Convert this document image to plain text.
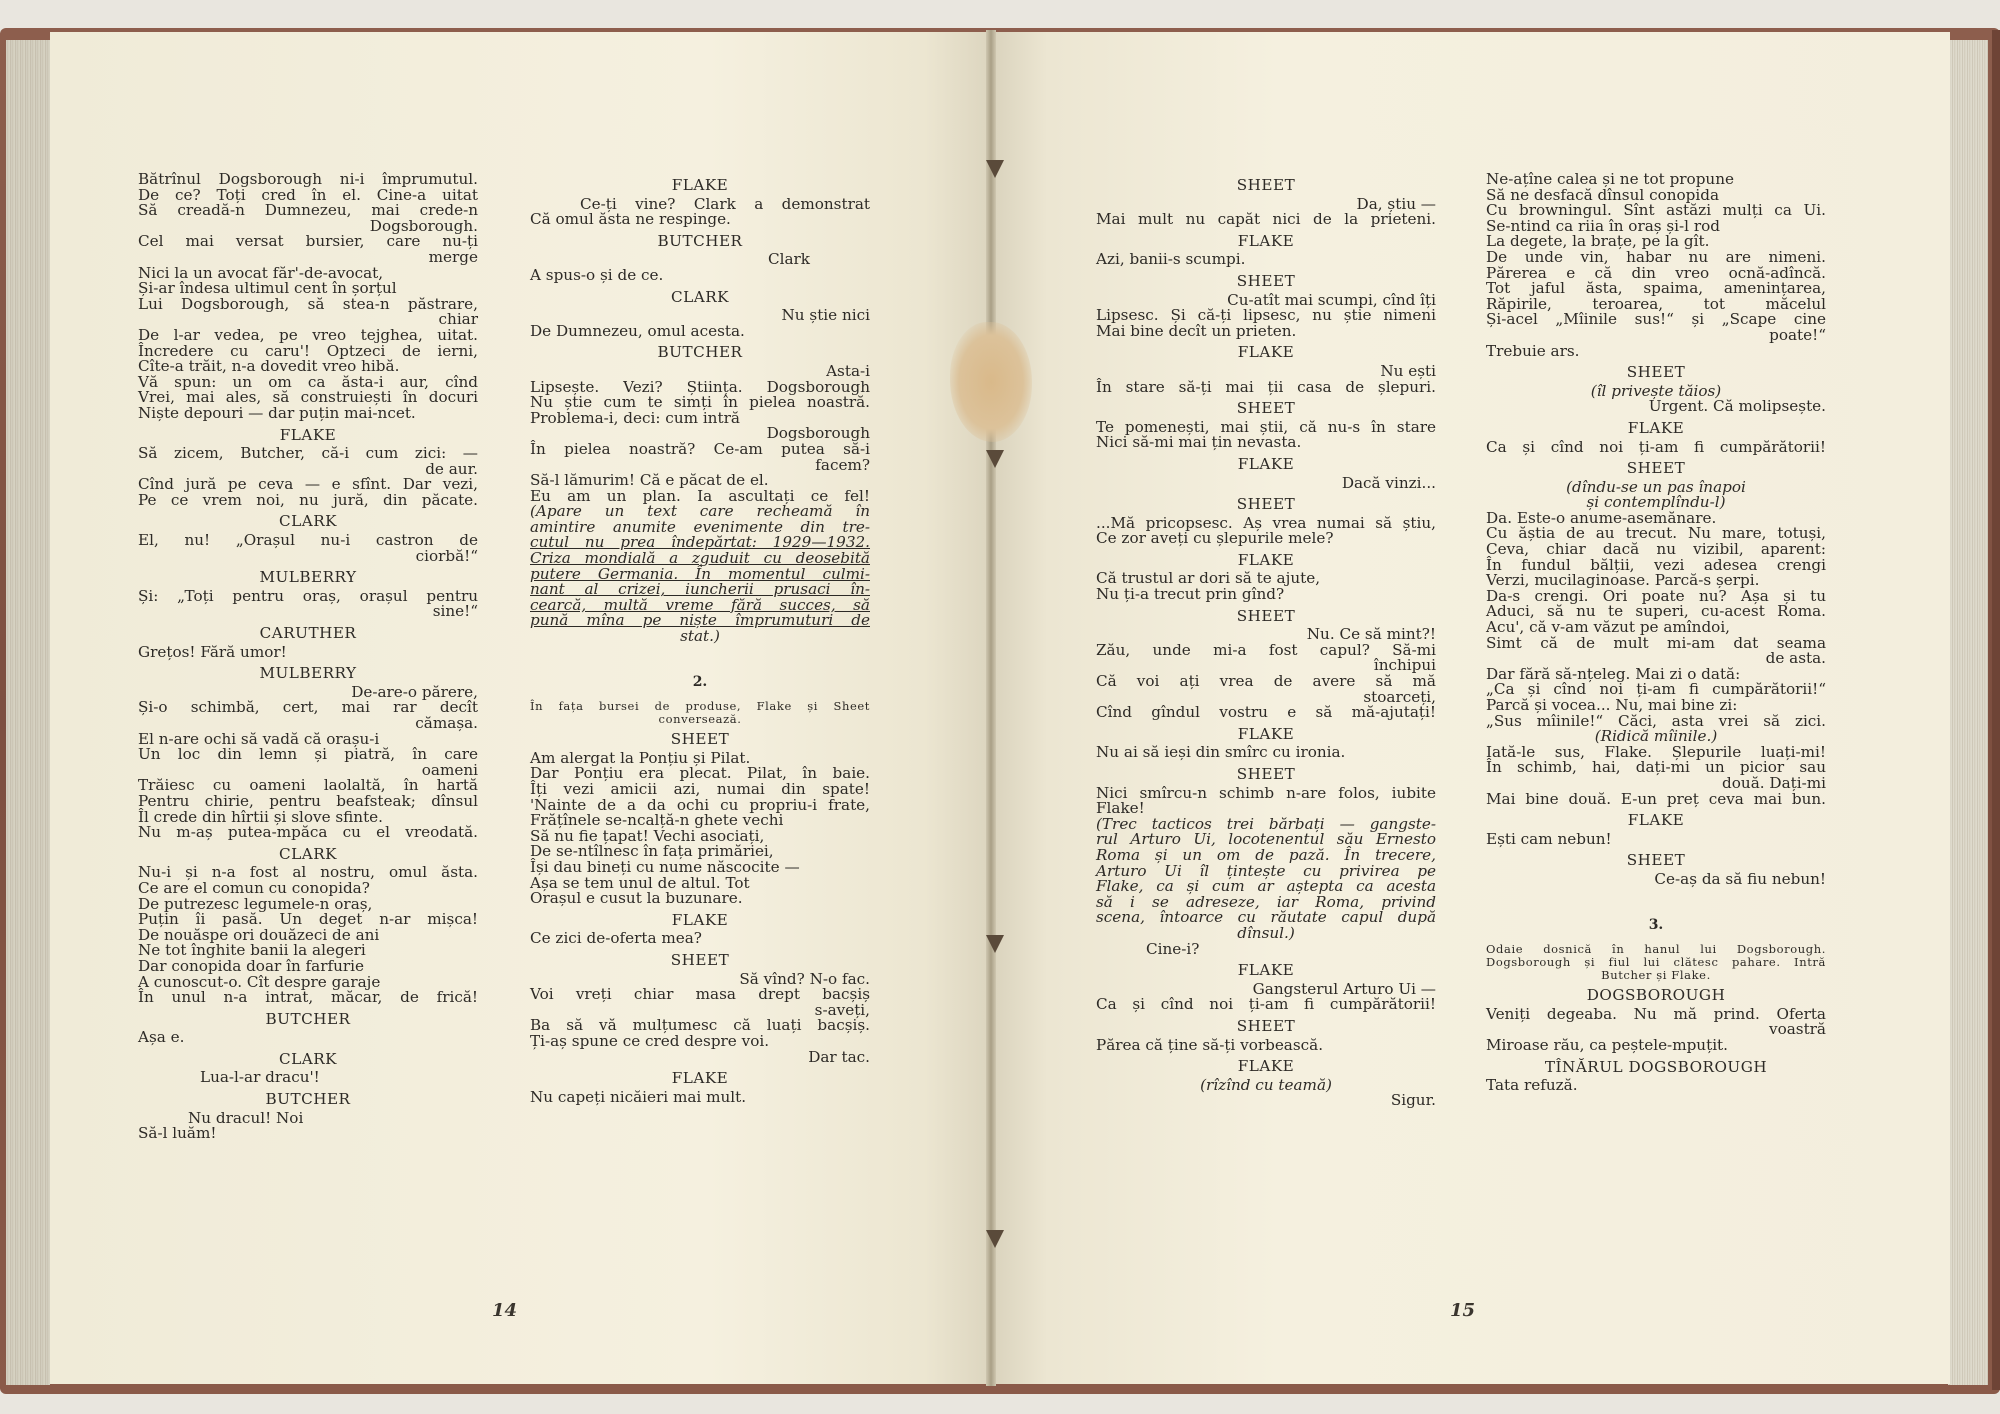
Bătrînul Dogsborough ni-i împrumutul.
De ce? Toți cred în el. Cine-a uitat
Să creadă-n Dumnezeu, mai crede-n
Dogsborough.
Cel mai versat bursier, care nu-ți
merge
Nici la un avocat făr'-de-avocat,
Și-ar îndesa ultimul cent în șorțul
Lui Dogsborough, să stea-n păstrare,
chiar
De l-ar vedea, pe vreo tejghea, uitat.
Încredere cu caru'! Optzeci de ierni,
Cîte-a trăit, n-a dovedit vreo hibă.
Vă spun: un om ca ăsta-i aur, cînd
Vrei, mai ales, să construiești în docuri
Niște depouri — dar puțin mai-ncet.
FLAKE
Să zicem, Butcher, că-i cum zici: —
de aur.
Cînd jură pe ceva — e sfînt. Dar vezi,
Pe ce vrem noi, nu jură, din păcate.
CLARK
El, nu! „Orașul nu-i castron de
ciorbă!“
MULBERRY
Și: „Toți pentru oraș, orașul pentru
sine!“
CARUTHER
Grețos! Fără umor!
MULBERRY
De-are-o părere,
Și-o schimbă, cert, mai rar decît
cămașa.
El n-are ochi să vadă că orașu-i
Un loc din lemn și piatră, în care
oameni
Trăiesc cu oameni laolaltă, în hartă
Pentru chirie, pentru beafsteak; dînsul
Îl crede din hîrtii și slove sfinte.
Nu m-aș putea-mpăca cu el vreodată.
CLARK
Nu-i și n-a fost al nostru, omul ăsta.
Ce are el comun cu conopida?
De putrezesc legumele-n oraș,
Puțin îi pasă. Un deget n-ar mișca!
De nouăspe ori douăzeci de ani
Ne tot înghite banii la alegeri
Dar conopida doar în farfurie
A cunoscut-o. Cît despre garaje
În unul n-a intrat, măcar, de frică!
BUTCHER
Așa e.
CLARK
Lua-l-ar dracu'!
BUTCHER
Nu dracul! Noi
Să-l luăm!
FLAKE
Ce-ți vine? Clark a demonstrat
Că omul ăsta ne respinge.
BUTCHER
Clark
A spus-o și de ce.
CLARK
Nu știe nici
De Dumnezeu, omul acesta.
BUTCHER
Asta-i
Lipsește. Vezi? Știința. Dogsborough
Nu știe cum te simți în pielea noastră.
Problema-i, deci: cum intră
Dogsborough
În pielea noastră? Ce-am putea să-i
facem?
Să-l lămurim! Că e păcat de el.
Eu am un plan. Ia ascultați ce fel!
(Apare un text care recheamă în
amintire anumite evenimente din tre-
cutul nu prea îndepărtat: 1929—1932.
Criza mondială a zguduit cu deosebită
putere Germania. În momentul culmi-
nant al crizei, iuncherii prusaci în-
cearcă, multă vreme fără succes, să
pună mîna pe niște împrumuturi de
stat.)
2.
În fața bursei de produse, Flake și Sheet
conversează.
SHEET
Am alergat la Ponțiu și Pilat.
Dar Ponțiu era plecat. Pilat, în baie.
Îți vezi amicii azi, numai din spate!
'Nainte de a da ochi cu propriu-i frate,
Frățînele se-ncalță-n ghete vechi
Să nu fie țapat! Vechi asociați,
De se-ntîlnesc în fața primăriei,
Își dau bineți cu nume născocite —
Așa se tem unul de altul. Tot
Orașul e cusut la buzunare.
FLAKE
Ce zici de-oferta mea?
SHEET
Să vînd? N-o fac.
Voi vreți chiar masa drept bacșiș
s-aveți,
Ba să vă mulțumesc că luați bacșiș.
Ți-aș spune ce cred despre voi.
Dar tac.
FLAKE
Nu capeți nicăieri mai mult.
14
SHEET
Da, știu —
Mai mult nu capăt nici de la prieteni.
FLAKE
Azi, banii-s scumpi.
SHEET
Cu-atît mai scumpi, cînd îți
Lipsesc. Și că-ți lipsesc, nu știe nimeni
Mai bine decît un prieten.
FLAKE
Nu ești
În stare să-ți mai ții casa de șlepuri.
SHEET
Te pomenești, mai știi, că nu-s în stare
Nici să-mi mai țin nevasta.
FLAKE
Dacă vinzi...
SHEET
...Mă pricopsesc. Aș vrea numai să știu,
Ce zor aveți cu șlepurile mele?
FLAKE
Că trustul ar dori să te ajute,
Nu ți-a trecut prin gînd?
SHEET
Nu. Ce să mint?!
Zău, unde mi-a fost capul? Să-mi
închipui
Că voi ați vrea de avere să mă
stoarceți,
Cînd gîndul vostru e să mă-ajutați!
FLAKE
Nu ai să ieși din smîrc cu ironia.
SHEET
Nici smîrcu-n schimb n-are folos, iubite
Flake!
(Trec tacticos trei bărbați — gangste-
rul Arturo Ui, locotenentul său Ernesto
Roma și un om de pază. În trecere,
Arturo Ui îl țintește cu privirea pe
Flake, ca și cum ar aștepta ca acesta
să i se adreseze, iar Roma, privind
scena, întoarce cu răutate capul după
dînsul.)
Cine-i?
FLAKE
Gangsterul Arturo Ui —
Ca și cînd noi ți-am fi cumpărătorii!
SHEET
Părea că ține să-ți vorbească.
FLAKE
(rîzînd cu teamă)
Sigur.
Ne-ațîne calea și ne tot propune
Să ne desfacă dînsul conopida
Cu browningul. Sînt astăzi mulți ca Ui.
Se-ntind ca riia în oraș și-l rod
La degete, la brațe, pe la gît.
De unde vin, habar nu are nimeni.
Părerea e că din vreo ocnă-adîncă.
Tot jaful ăsta, spaima, amenințarea,
Răpirile, teroarea, tot măcelul
Și-acel „Mîinile sus!“ și „Scape cine
poate!“
Trebuie ars.
SHEET
(îl privește tăios)
Urgent. Că molipsește.
FLAKE
Ca și cînd noi ți-am fi cumpărătorii!
SHEET
(dîndu-se un pas înapoi
și contemplîndu-l)
Da. Este-o anume-asemănare.
Cu ăștia de au trecut. Nu mare, totuși,
Ceva, chiar dacă nu vizibil, aparent:
În fundul bălții, vezi adesea crengi
Verzi, mucilaginoase. Parcă-s șerpi.
Da-s crengi. Ori poate nu? Așa și tu
Aduci, să nu te superi, cu-acest Roma.
Acu', că v-am văzut pe amîndoi,
Simt că de mult mi-am dat seama
de asta.
Dar fără să-nțeleg. Mai zi o dată:
„Ca și cînd noi ți-am fi cumpărătorii!“
Parcă și vocea... Nu, mai bine zi:
„Sus mîinile!“ Căci, asta vrei să zici.
(Ridică mîinile.)
Iată-le sus, Flake. Șlepurile luați-mi!
În schimb, hai, dați-mi un picior sau
două. Dați-mi
Mai bine două. E-un preț ceva mai bun.
FLAKE
Ești cam nebun!
SHEET
Ce-aș da să fiu nebun!
3.
Odaie dosnică în hanul lui Dogsborough.
Dogsborough și fiul lui clătesc pahare. Intră
Butcher și Flake.
DOGSBOROUGH
Veniți degeaba. Nu mă prind. Oferta
voastră
Miroase rău, ca peștele-mpuțit.
TÎNĂRUL DOGSBOROUGH
Tata refuză.
15
